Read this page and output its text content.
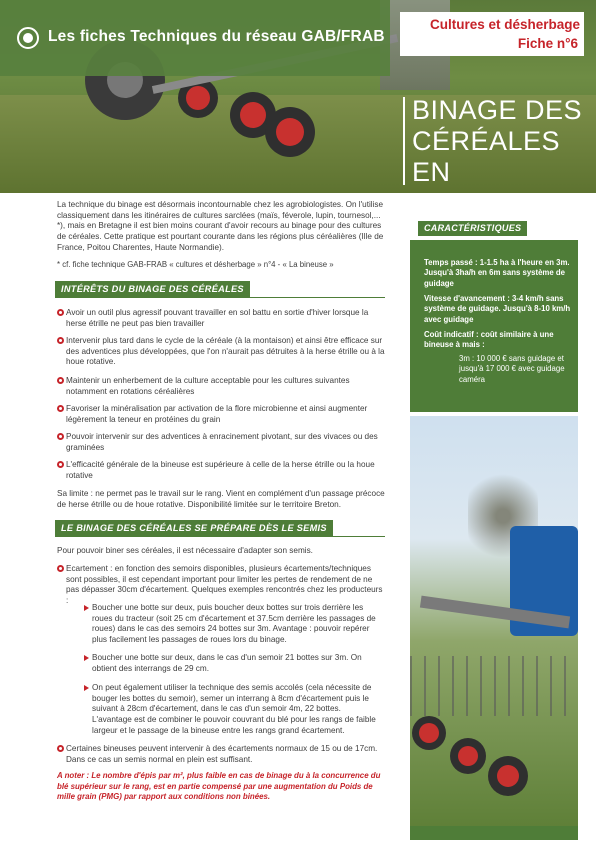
Les fiches Techniques du réseau GAB/FRAB
Cultures et désherbage
Fiche n°6
BINAGE DES CÉRÉALES EN BRETAGNE
La technique du binage est désormais incontournable chez les agrobiologistes. On l'utilise classiquement dans les itinéraires de cultures sarclées (maïs, féverole, lupin, tournesol,... *), mais en Bretagne il est bien moins courant d'avoir recours au binage pour des cultures de céréales. Cette pratique est pourtant courante dans les régions plus céréalières (Ille de France, Poitou Charentes, Haute Normandie).
* cf. fiche technique GAB-FRAB « cultures et désherbage » n°4 - « La bineuse »
INTÉRÊTS DU BINAGE DES CÉRÉALES

Avoir un outil plus agressif pouvant travailler en sol battu en sortie d'hiver lorsque la herse étrille ne peut pas bien travailler

Intervenir plus tard dans le cycle de la céréale (à la montaison) et ainsi être efficace sur des adventices plus développées, que l'on n'aurait pas détruites à la herse étrille ou à la houe rotative.

Maintenir un enherbement de la culture acceptable pour les cultures suivantes notamment en rotations céréalières

Favoriser la minéralisation par activation de la flore microbienne et ainsi augmenter légèrement la teneur en protéines du grain

Pouvoir intervenir sur des adventices à enracinement pivotant, sur des vivaces ou des graminées

L'efficacité générale de la bineuse est supérieure à celle de la herse étrille ou la houe rotative

Sa limite : ne permet pas le travail sur le rang. Vient en complément d'un passage précoce de herse étrille ou de houe rotative. Disponibilité limitée sur le territoire Breton.
LE BINAGE DES CÉRÉALES SE PRÉPARE DÈS LE SEMIS
Pour pouvoir biner ses céréales, il est nécessaire d'adapter son semis.

Ecartement : en fonction des semoirs disponibles, plusieurs écartements/techniques sont possibles, il est cependant important pour limiter les pertes de rendement de ne pas dépasser 30cm d'écartement. Quelques exemples rencontrés chez les producteurs :

Boucher une botte sur deux, puis boucher deux bottes sur trois derrière les roues du tracteur (soit 25 cm d'écartement et 37.5cm derrière les passages de roues) dans le cas des semoirs 24 bottes sur 3m. Avantage : pouvoir repérer plus facilement les passages de roues lors du binage.

Boucher une botte sur deux, dans le cas d'un semoir 21 bottes sur 3m. On obtient des interrangs de 29 cm.

On peut également utiliser la technique des semis accolés (cela nécessite de bouger les bottes du semoir), semer un interrang à 8cm d'écartement puis le suivant à 28cm d'écartement, dans le cas d'un semoir 4m, 22 bottes. L'avantage est de combiner le pouvoir couvrant du blé pour les rangs de faible largeur et le passage de la bineuse entre les rangs grand écartement.

Certaines bineuses peuvent intervenir à des écartements normaux de 15 ou de 17cm. Dans ce cas un semis normal en plein est suffisant.

A noter : Le nombre d'épis par m², plus faible en cas de binage du à la concurrence du blé supérieur sur le rang, est en partie compensé par une augmentation du Poids de mille grain (PMG) par rapport aux conditions non binées.
CARACTÉRISTIQUES
Temps passé : 1-1.5 ha à l'heure en 3m. Jusqu'à 3ha/h en 6m sans système de guidage
Vitesse d'avancement : 3-4 km/h sans système de guidage. Jusqu'à 8-10 km/h avec guidage
Coût indicatif : coût similaire à une bineuse à mais :
3m : 10 000 € sans guidage et jusqu'à 17 000 € avec guidage caméra
